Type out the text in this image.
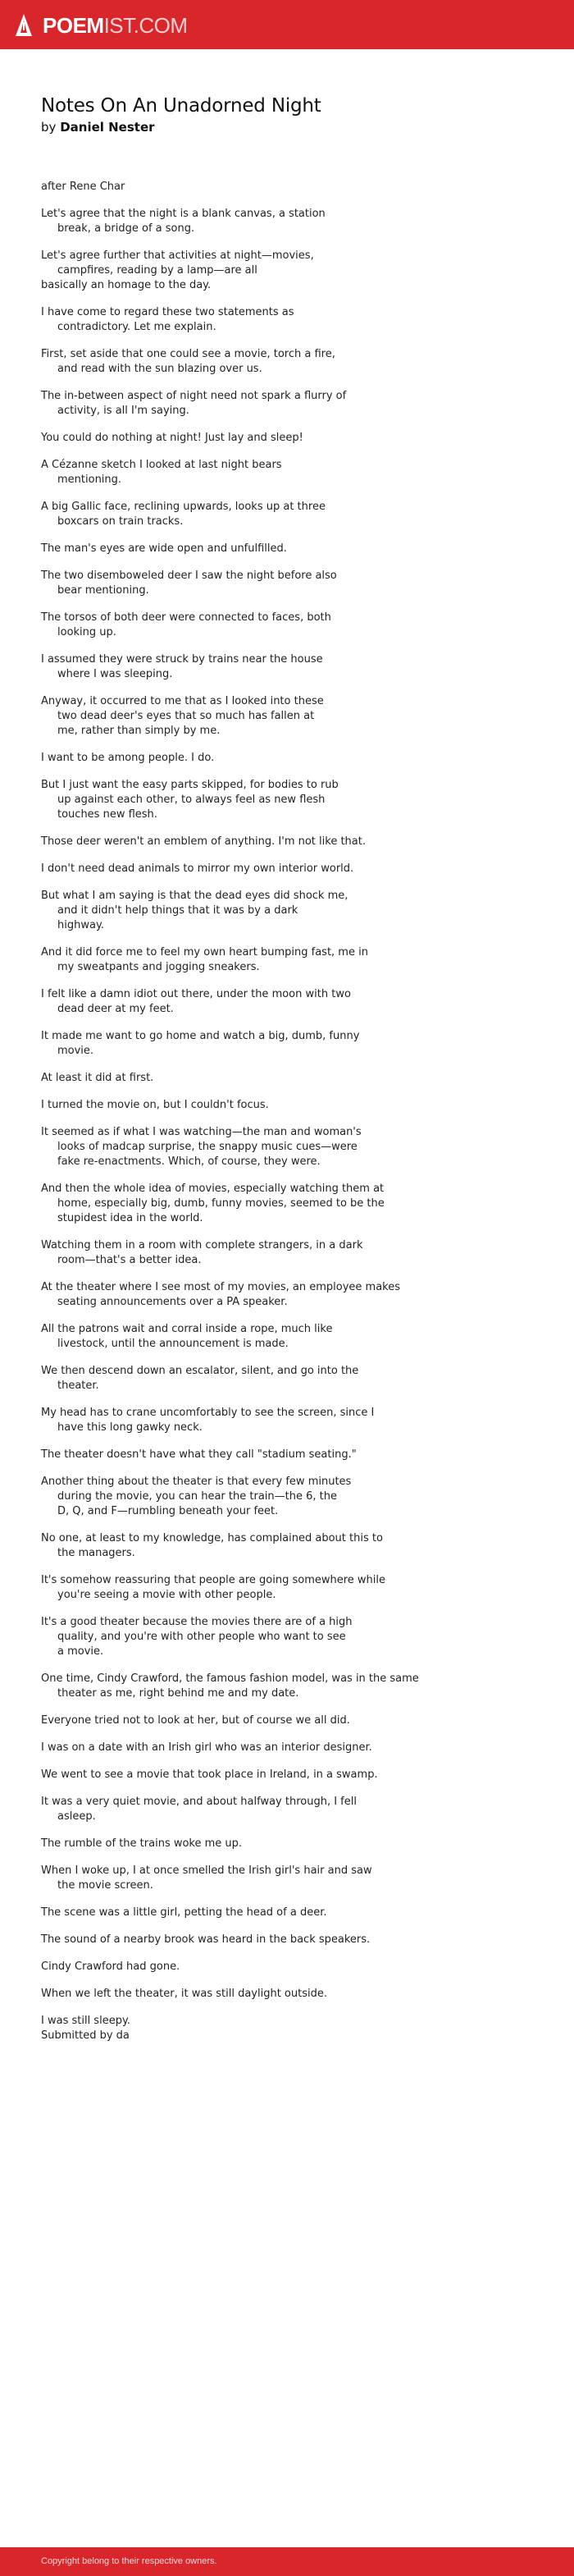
POEMIST.COM
Notes On An Unadorned Night
by Daniel Nester
after Rene Char
Let's agree that the night is a blank canvas, a station
break, a bridge of a song.
Let's agree further that activities at night—movies,
campfires, reading by a lamp—are all
basically an homage to the day.
I have come to regard these two statements as
contradictory. Let me explain.
First, set aside that one could see a movie, torch a fire,
and read with the sun blazing over us.
The in-between aspect of night need not spark a flurry of
activity, is all I'm saying.
You could do nothing at night! Just lay and sleep!
A Cézanne sketch I looked at last night bears
mentioning.
A big Gallic face, reclining upwards, looks up at three
boxcars on train tracks.
The man's eyes are wide open and unfulfilled.
The two disemboweled deer I saw the night before also
bear mentioning.
The torsos of both deer were connected to faces, both
looking up.
I assumed they were struck by trains near the house
where I was sleeping.
Anyway, it occurred to me that as I looked into these
two dead deer's eyes that so much has fallen at
me, rather than simply by me.
I want to be among people. I do.
But I just want the easy parts skipped, for bodies to rub
up against each other, to always feel as new flesh
touches new flesh.
Those deer weren't an emblem of anything. I'm not like that.
I don't need dead animals to mirror my own interior world.
But what I am saying is that the dead eyes did shock me,
and it didn't help things that it was by a dark
highway.
And it did force me to feel my own heart bumping fast, me in
my sweatpants and jogging sneakers.
I felt like a damn idiot out there, under the moon with two
dead deer at my feet.
It made me want to go home and watch a big, dumb, funny
movie.
At least it did at first.
I turned the movie on, but I couldn't focus.
It seemed as if what I was watching—the man and woman's
looks of madcap surprise, the snappy music cues—were
fake re-enactments. Which, of course, they were.
And then the whole idea of movies, especially watching them at
home, especially big, dumb, funny movies, seemed to be the
stupidest idea in the world.
Watching them in a room with complete strangers, in a dark
room—that's a better idea.
At the theater where I see most of my movies, an employee makes
seating announcements over a PA speaker.
All the patrons wait and corral inside a rope, much like
livestock, until the announcement is made.
We then descend down an escalator, silent, and go into the
theater.
My head has to crane uncomfortably to see the screen, since I
have this long gawky neck.
The theater doesn't have what they call "stadium seating."
Another thing about the theater is that every few minutes
during the movie, you can hear the train—the 6, the
D, Q, and F—rumbling beneath your feet.
No one, at least to my knowledge, has complained about this to
the managers.
It's somehow reassuring that people are going somewhere while
you're seeing a movie with other people.
It's a good theater because the movies there are of a high
quality, and you're with other people who want to see
a movie.
One time, Cindy Crawford, the famous fashion model, was in the same
theater as me, right behind me and my date.
Everyone tried not to look at her, but of course we all did.
I was on a date with an Irish girl who was an interior designer.
We went to see a movie that took place in Ireland, in a swamp.
It was a very quiet movie, and about halfway through, I fell
asleep.
The rumble of the trains woke me up.
When I woke up, I at once smelled the Irish girl's hair and saw
the movie screen.
The scene was a little girl, petting the head of a deer.
The sound of a nearby brook was heard in the back speakers.
Cindy Crawford had gone.
When we left the theater, it was still daylight outside.
I was still sleepy.
Submitted by da
Copyright belong to their respective owners.
